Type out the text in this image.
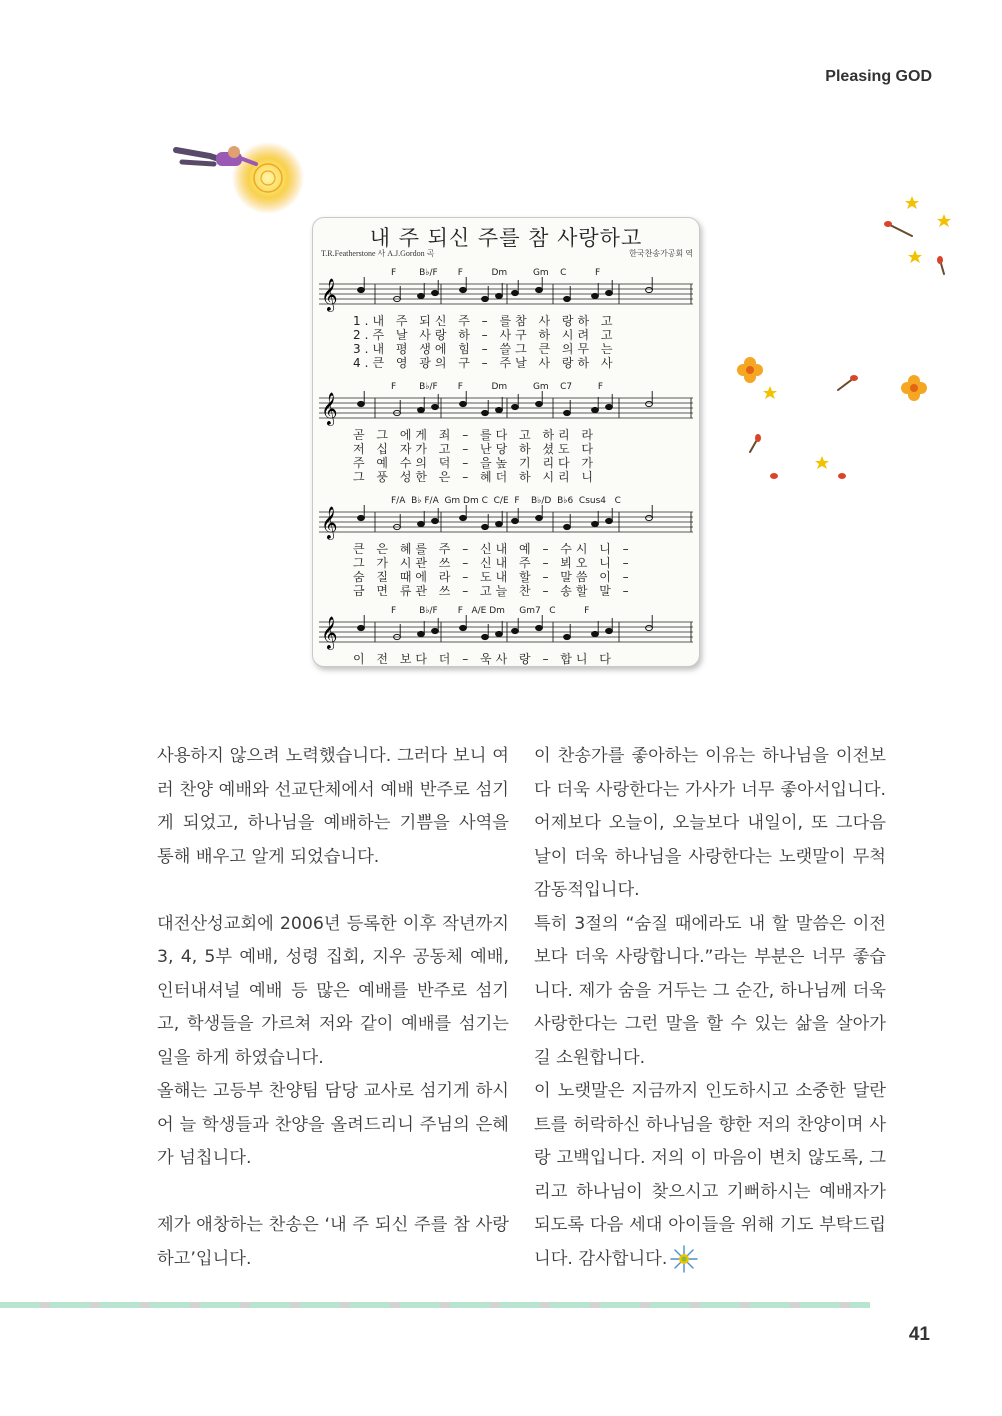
Pleasing GOD
내 주 되신 주를 참 사랑하고
T.R.Featherstone 사 A.J.Gordon 곡	한국찬송가공회 역
𝄞
𝄞
𝄞
𝄞
F        B♭/F       F          Dm         Gm    C          F
1.내 주 되신 주 – 를참 사 랑하 고
2.주 날 사랑 하 – 사구 하 시려 고
3.내 평 생에 힘 – 쓸그 큰 의무 는
4.큰 영 광의 구 – 주날 사 랑하 사
F        B♭/F       F          Dm         Gm    C7         F
곧 그 에게 죄 – 를다 고 하리 라
저 십 자가 고 – 난당 하 셨도 다
주 예 수의 덕 – 을높 기 리다 가
그 풍 성한 은 – 혜더 하 시리 니
F/A  B♭ F/A  Gm Dm C  C/E  F    B♭/D  B♭6  Csus4   C
큰 은 혜를 주 – 신내 예 – 수시 니 –
그 가 시관 쓰 – 신내 주 – 뵈오 니 –
숨 질 때에 라 – 도내 할 – 말씀 이 –
금 면 류관 쓰 – 고늘 찬 – 송할 말 –
F        B♭/F       F   A/E Dm     Gm7   C          F
이 전 보다 더 – 욱사 랑 – 합니 다

사용하지 않으려 노력했습니다. 그러다 보니 여러 찬양 예배와 선교단체에서 예배 반주로 섬기게 되었고, 하나님을 예배하는 기쁨을 사역을 통해 배우고 알게 되었습니다.

대전산성교회에 2006년 등록한 이후 작년까지 3, 4, 5부 예배, 성령 집회, 지우 공동체 예배, 인터내셔널 예배 등 많은 예배를 반주로 섬기고, 학생들을 가르쳐 저와 같이 예배를 섬기는 일을 하게 하였습니다.

올해는 고등부 찬양팀 담당 교사로 섬기게 하시어 늘 학생들과 찬양을 올려드리니 주님의 은혜가 넘칩니다.

제가 애창하는 찬송은 ‘내 주 되신 주를 참 사랑하고’입니다.

이 찬송가를 좋아하는 이유는 하나님을 이전보다 더욱 사랑한다는 가사가 너무 좋아서입니다. 어제보다 오늘이, 오늘보다 내일이, 또 그다음 날이 더욱 하나님을 사랑한다는 노랫말이 무척 감동적입니다.

특히 3절의 “숨질 때에라도 내 할 말씀은 이전보다 더욱 사랑합니다.”라는 부분은 너무 좋습니다. 제가 숨을 거두는 그 순간, 하나님께 더욱 사랑한다는 그런 말을 할 수 있는 삶을 살아가길 소원합니다.

이 노랫말은 지금까지 인도하시고 소중한 달란트를 허락하신 하나님을 향한 저의 찬양이며 사랑 고백입니다. 저의 이 마음이 변치 않도록, 그리고 하나님이 찾으시고 기뻐하시는 예배자가 되도록 다음 세대 아이들을 위해 기도 부탁드립니다. 감사합니다.

41
